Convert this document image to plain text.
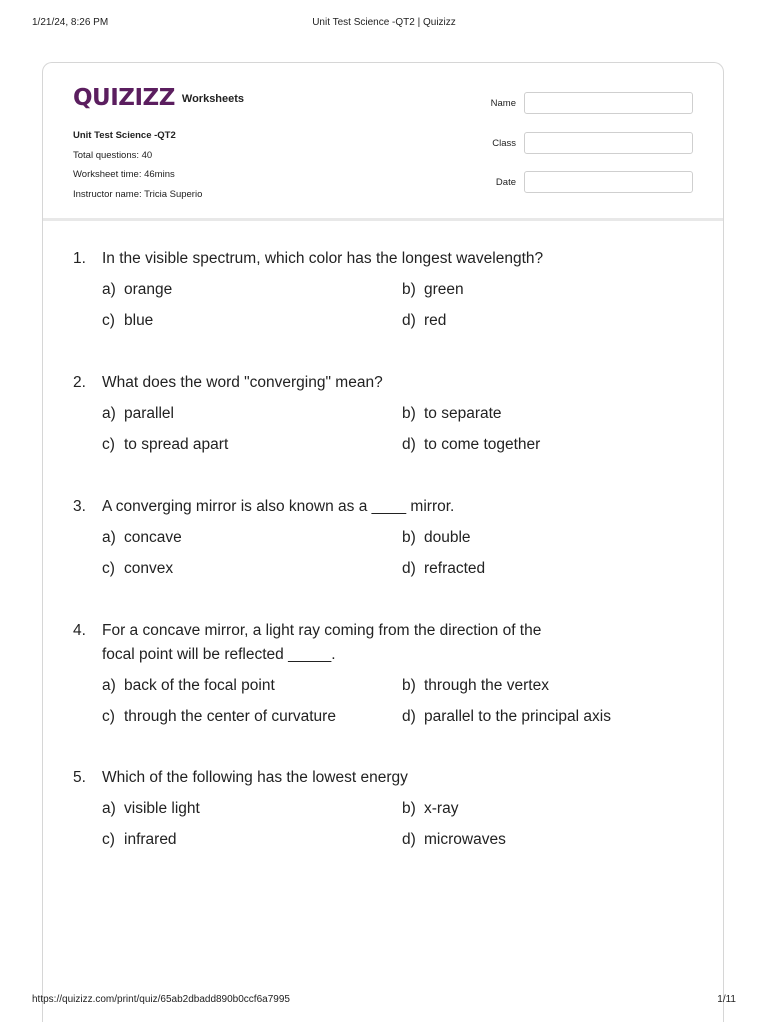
1/21/24, 8:26 PM	Unit Test Science -QT2 | Quizizz
QUIZIZZ Worksheets
Unit Test Science -QT2
Total questions: 40
Worksheet time: 46mins
Instructor name: Tricia Superio
Name
Class
Date
1.	In the visible spectrum, which color has the longest wavelength?
a) orange	b) green
c) blue	d) red
2.	What does the word "converging" mean?
a) parallel	b) to separate
c) to spread apart	d) to come together
3.	A converging mirror is also known as a ____ mirror.
a) concave	b) double
c) convex	d) refracted
4.	For a concave mirror, a light ray coming from the direction of the
focal point will be reflected _____.
a) back of the focal point	b) through the vertex
c) through the center of curvature	d) parallel to the principal axis
5.	Which of the following has the lowest energy
a) visible light	b) x-ray
c) infrared	d) microwaves
https://quizizz.com/print/quiz/65ab2dbadd890b0ccf6a7995	1/11
